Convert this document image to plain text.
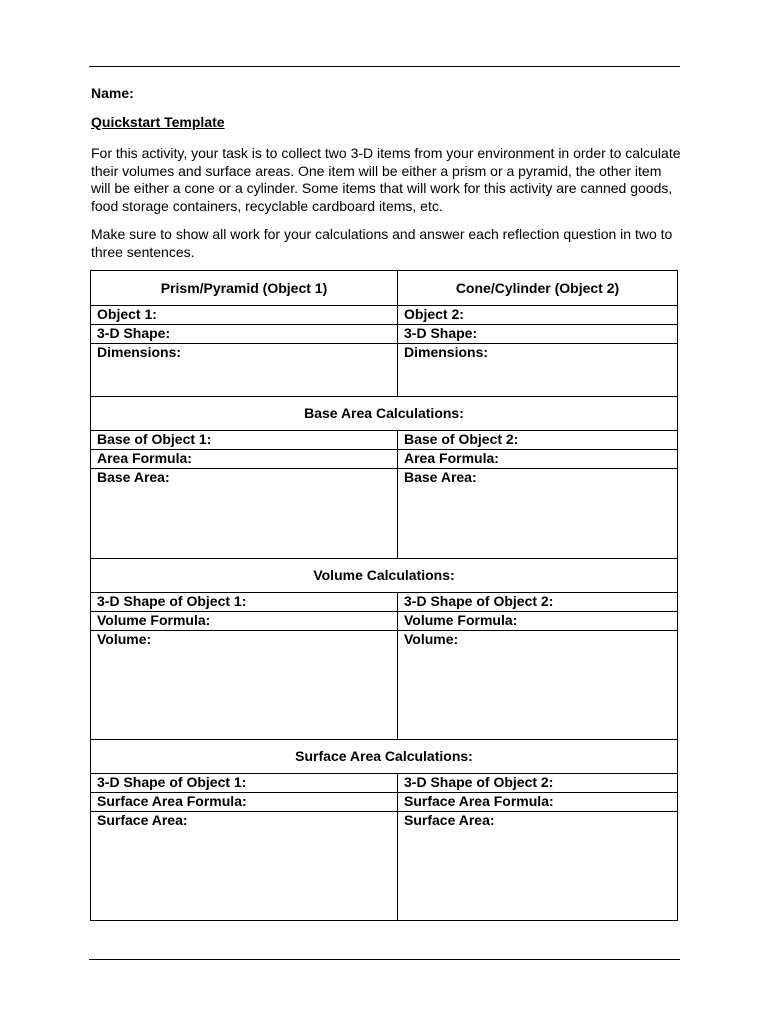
Name:
Quickstart Template

For this activity, your task is to collect two 3-D items from your environment in order to calculate their volumes and surface areas. One item will be either a prism or a pyramid, the other item will be either a cone or a cylinder. Some items that will work for this activity are canned goods, food storage containers, recyclable cardboard items, etc.

Make sure to show all work for your calculations and answer each reflection question in two to three sentences.

Prism/Pyramid (Object 1)	Cone/Cylinder (Object 2)
Object 1:	Object 2:
3-D Shape:	3-D Shape:
Dimensions:	Dimensions:
Base Area Calculations:	
Base of Object 1:	Base of Object 2:
Area Formula:	Area Formula:
Base Area:	Base Area:
Volume Calculations:	
3-D Shape of Object 1:	3-D Shape of Object 2:
Volume Formula:	Volume Formula:
Volume:	Volume:
Surface Area Calculations:	
3-D Shape of Object 1:	3-D Shape of Object 2:
Surface Area Formula:	Surface Area Formula:
Surface Area:	Surface Area:
